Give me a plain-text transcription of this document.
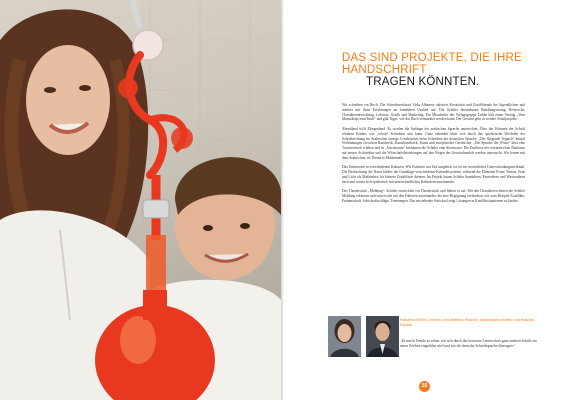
DAS SIND PROJEKTE, DIE IHRE HANDSCHRIFT
TRAGEN KÖNNTEN.

Wir schreiben ein Buch. Die Schreibwerkstatt Viola Albanese aktiviert Kreativität und Erzählfreude bei Jugendlichen und arbeitet mit ihren Erfahrungen im familiären Umfeld auf. Die Schüler übernehmen Handlungsstrang, Recherche, Charakterentwicklung, Lektorat, Grafik und Marketing. Ein Mitarbeiter der Verlagsgruppe Lübbe hält einen Vortrag „Vom Manuskript zum Buch“ und gibt Tipps, wie das Buch vermarktet werden kann. Der Gewinn geht in weitere Schulprojekte.

Abendland trifft Morgenland. Es werden die Anfänge der arabischen Sprache unterrichtet. Über das Erlernen der Schrift erfahren Kinder, wie „schön“ Schreiben sein kann. Ganz nebenbei üben sich durch das spielerische Wechseln der Schreibrichtung im Arabischen einzige Lernbrücken beim Schreiben der deutschen Sprache. „Der fliegende Teppich“ knüpft Verbindungen zwischen Handwerk, Kunsthandwerk, Kunst und europäischer Geschichte. „Die Sprache der Wüste“ lässt eine Trawmenwelt erleben und in „Astronomie“ bestaunen die Schüler eine Sternwarte. Die Einflüsse der orientalischen Baukunst auf unsere Architektur und die Wirtschaftsbeziehungen auf den Wegen des Gewürzhandels werden untersucht. Wir lernen mit dem Arabischen, ist Thema in Mathematik.

Das Zeitmessen in verschiedenen Kulturen. Wie Kulturen mit Zeit umgehen, ist oft ein wesentliches Unterscheidungsmerkmal. Die Beobachtung der Natur bildete die Grundlage verschiedener Kalendersysteme, während die Elemente Feuer, Wasser, Erde und Licht als Maßeinheit für kürzere Zeitabläufe dienten. Im Projekt bauen Schüler Sanduhren, Feueruhren und Wasseruhren nach und setzen sich spielerisch mit unterschiedlichen Kalendern auseinander.

Das Theaterstück „Mobbing“. Schüler entwickeln ein Theaterstück und führen es auf. Mit den Charakteren lernen die Schüler Mobbing erkennen und setzen sich mit den Faktoren auseinander, die eine Begegnung verhindern, wie zum Beispiel Konflikte, Partnerschaft, Schicksalsschläge, Trennungen. Das entstehende Schicksal zeigt Lösungen in Konfliktsituationen zu finden.

Katharina Müller, Lehrerin, und Matthias Raschel, Islamwissenschaftler und Raschel-Experte

„Es macht Freude zu sehen, wie sich durch das bewusste Lernen einer ganz anderen Schrift ein neues Erleben eingeführt wird und wie die deutsche Schreibsprache überragen.“

16
